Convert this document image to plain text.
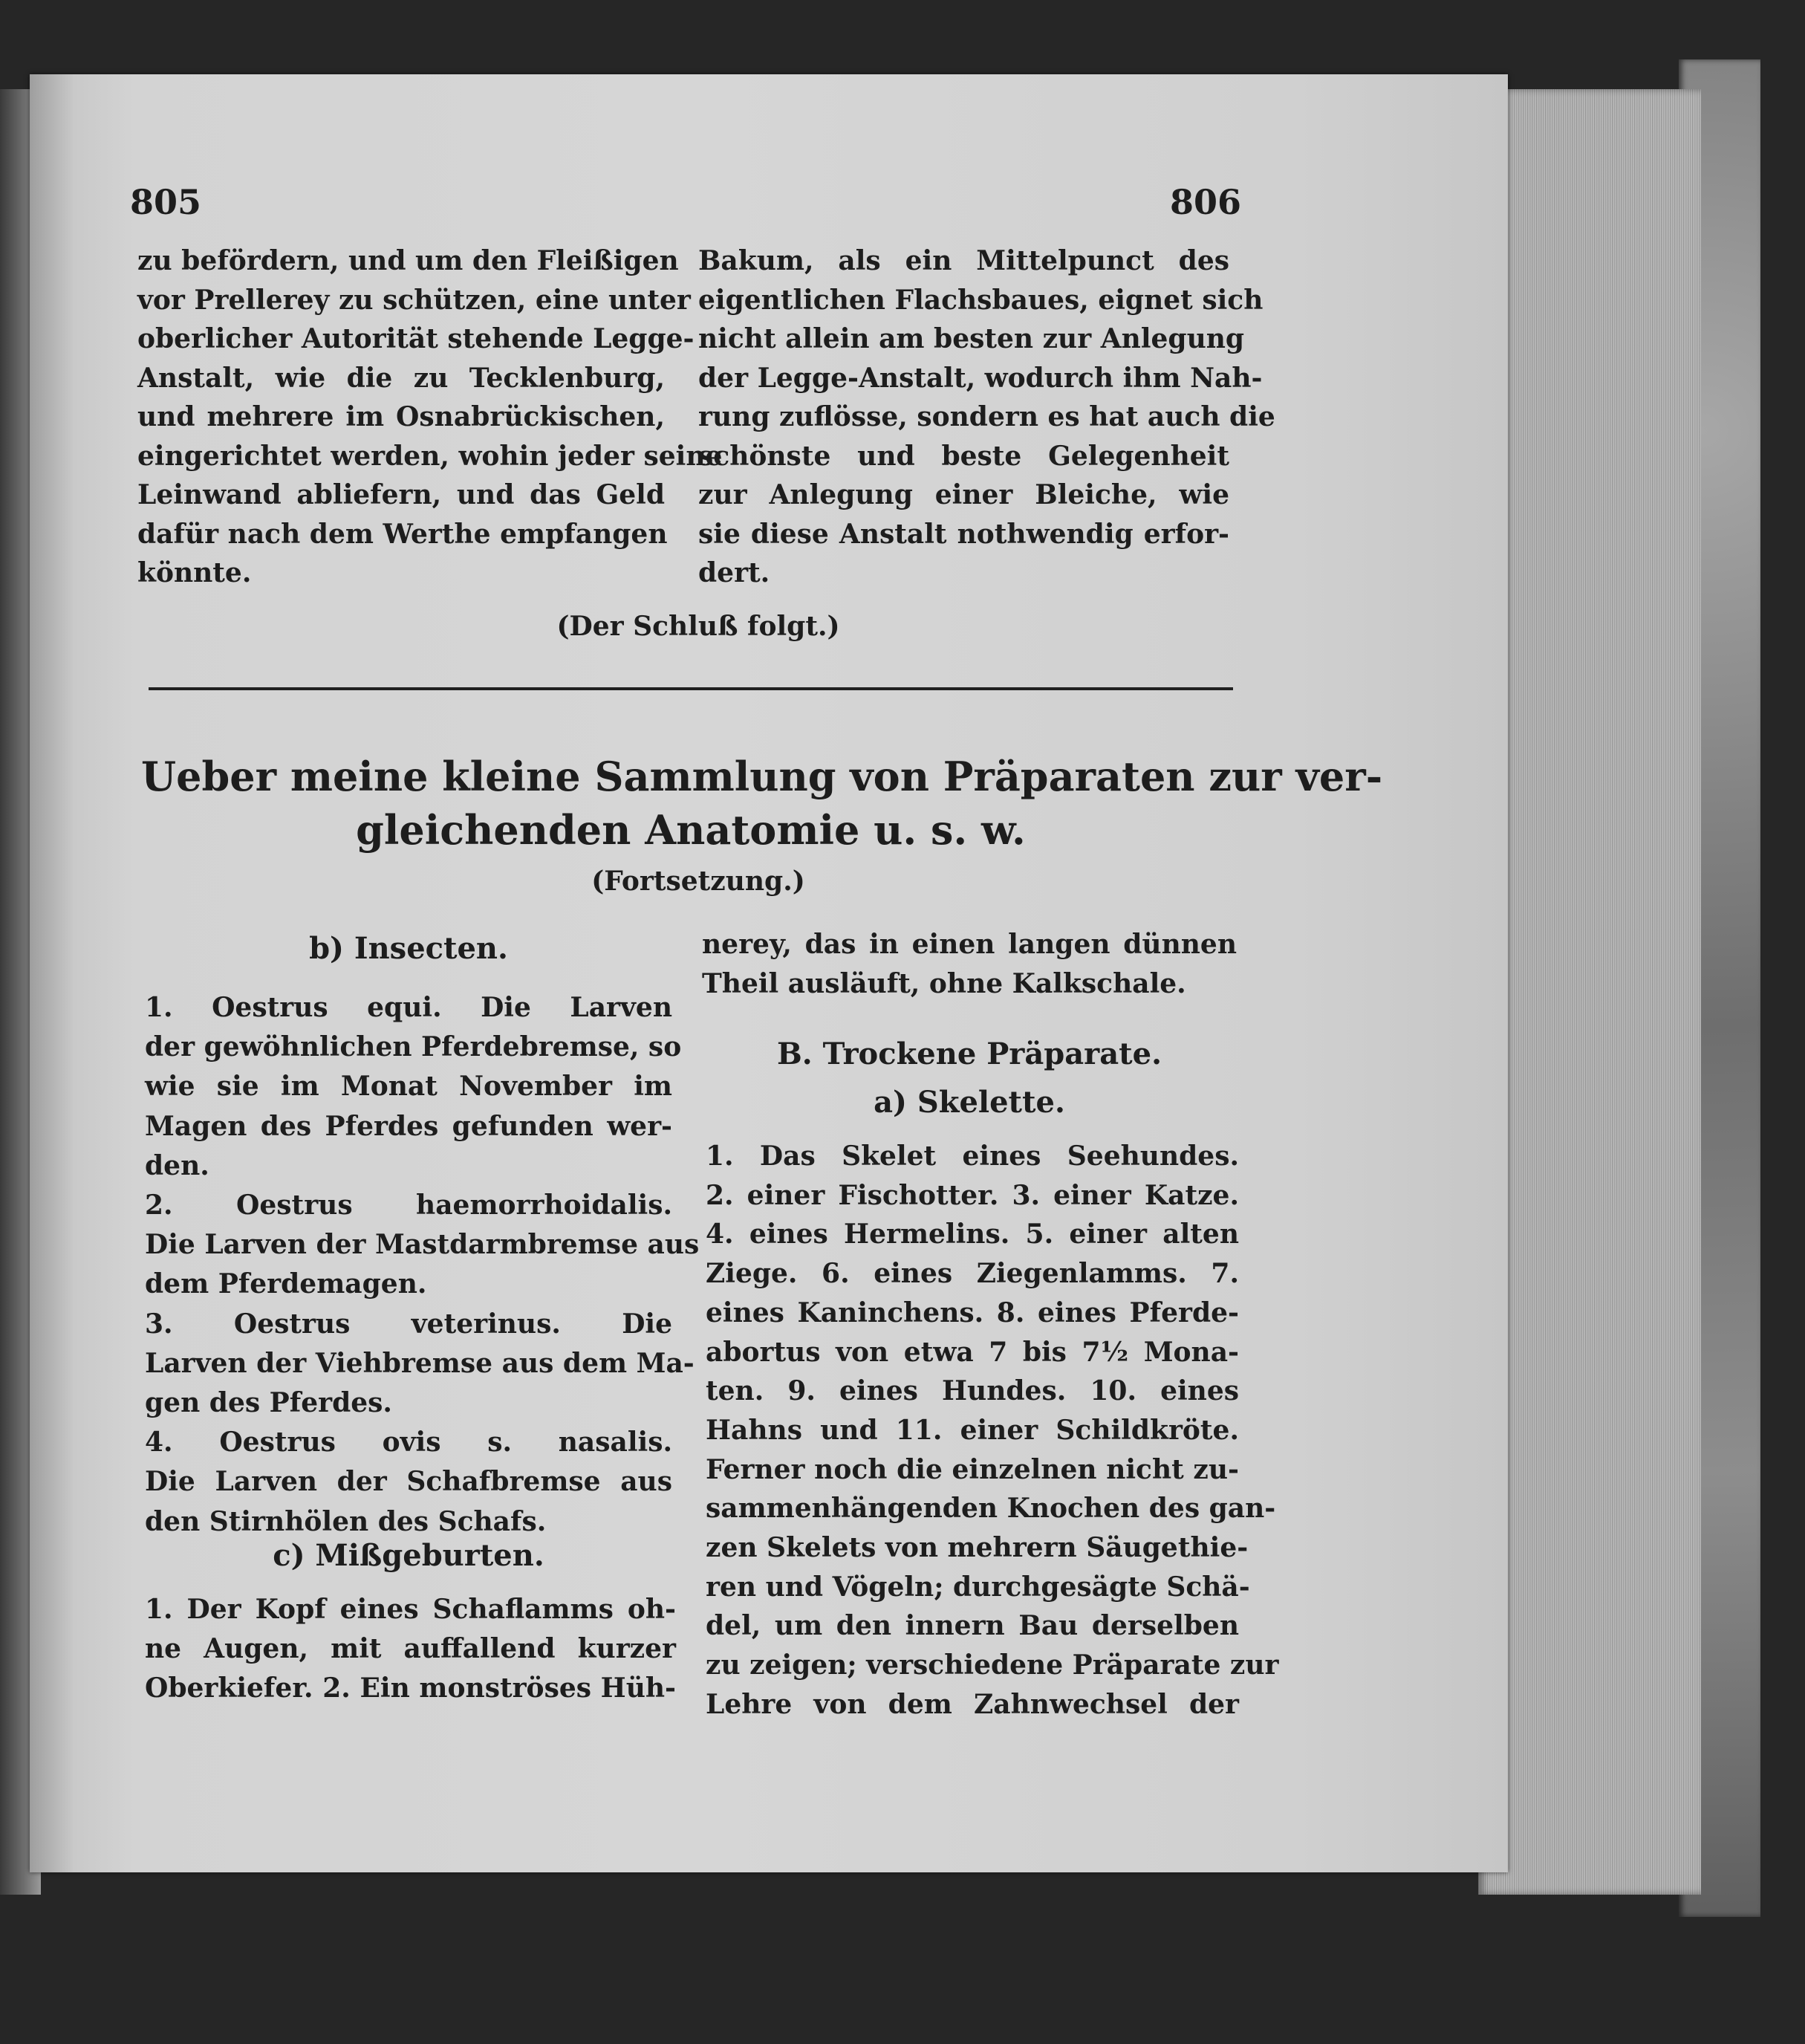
805	806
zu befördern, und um den Fleißigen
vor Prellerey zu schützen, eine unter
oberlicher Autorität stehende Legge-
Anstalt, wie die zu Tecklenburg,
und mehrere im Osnabrückischen,
eingerichtet werden, wohin jeder seine
Leinwand abliefern, und das Geld
dafür nach dem Werthe empfangen
könnte.
Bakum, als ein Mittelpunct des
eigentlichen Flachsbaues, eignet sich
nicht allein am besten zur Anlegung
der Legge-Anstalt, wodurch ihm Nah-
rung zuflösse, sondern es hat auch die
schönste und beste Gelegenheit
zur Anlegung einer Bleiche, wie
sie diese Anstalt nothwendig erfor-
dert.
(Der Schluß folgt.)
Ueber meine kleine Sammlung von Präparaten zur ver-
gleichenden Anatomie u. s. w.
(Fortsetzung.)
b) Insecten.
1. Oestrus equi. Die Larven
der gewöhnlichen Pferdebremse, so
wie sie im Monat November im
Magen des Pferdes gefunden wer-
den.
2. Oestrus haemorrhoidalis.
Die Larven der Mastdarmbremse aus
dem Pferdemagen.
3. Oestrus veterinus. Die
Larven der Viehbremse aus dem Ma-
gen des Pferdes.
4. Oestrus ovis s. nasalis.
Die Larven der Schafbremse aus
den Stirnhölen des Schafs.
c) Mißgeburten.
1. Der Kopf eines Schaflamms oh-
ne Augen, mit auffallend kurzer
Oberkiefer. 2. Ein monströses Hüh-
nerey, das in einen langen dünnen
Theil ausläuft, ohne Kalkschale.
B. Trockene Präparate.
a) Skelette.
1. Das Skelet eines Seehundes.
2. einer Fischotter. 3. einer Katze.
4. eines Hermelins. 5. einer alten
Ziege. 6. eines Ziegenlamms. 7.
eines Kaninchens. 8. eines Pferde-
abortus von etwa 7 bis 7½ Mona-
ten. 9. eines Hundes. 10. eines
Hahns und 11. einer Schildkröte.
Ferner noch die einzelnen nicht zu-
sammenhängenden Knochen des gan-
zen Skelets von mehrern Säugethie-
ren und Vögeln; durchgesägte Schä-
del, um den innern Bau derselben
zu zeigen; verschiedene Präparate zur
Lehre von dem Zahnwechsel der
